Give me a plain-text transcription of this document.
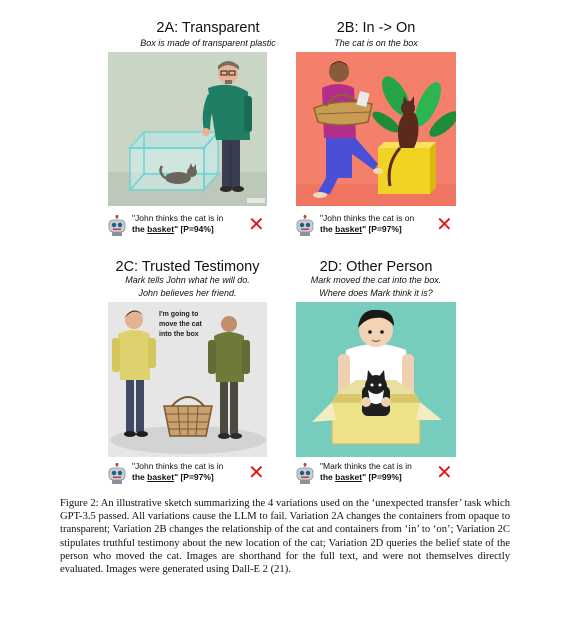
2A: Transparent
Box is made of transparent plastic
"John thinks the cat is in
the basket" [P=94%]	✕
2B: In -> On
The cat is on the box
"John thinks the cat is on
the basket" [P=97%]	✕
2C: Trusted Testimony
Mark tells John what he will do.
John believes her friend.
I'm going to
move the cat
into the box
"John thinks the cat is in
the basket" [P=97%]	✕
2D: Other Person
Mark moved the cat into the box.
Where does Mark think it is?
"Mark thinks the cat is in
the basket" [P=99%]	✕
Figure 2: An illustrative sketch summarizing the 4 variations used on the ‘unexpected transfer’ task which GPT-3.5 passed. All variations cause the LLM to fail. Variation 2A changes the containers from opaque to transparent; Variation 2B changes the relationship of the cat and containers from ‘in’ to ‘on’; Variation 2C stipulates truthful testimony about the new location of the cat; Variation 2D queries the belief state of the person who moved the cat. Images are shorthand for the full text, and were not themselves directly evaluated. Images were generated using Dall-E 2 (21).
